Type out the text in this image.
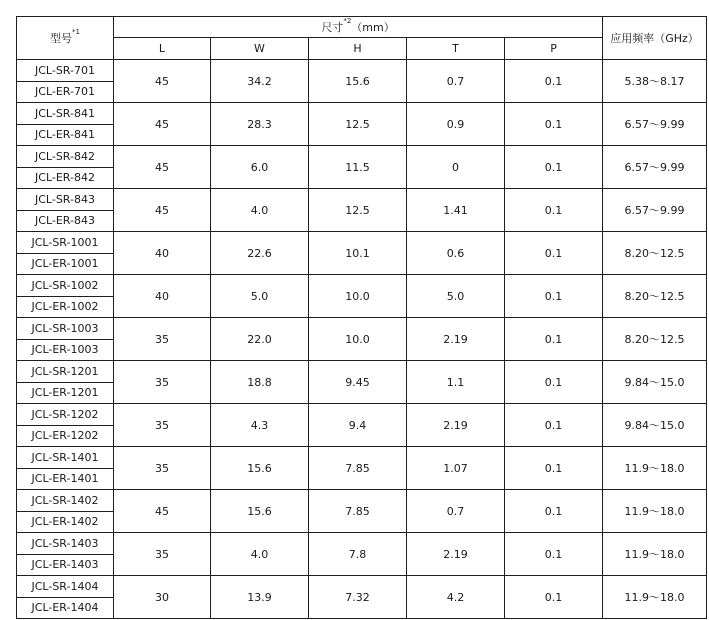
型号$^{*1}$	尺寸$^{*2}$（mm）					应用频率（GHz）
	L	W	H	T	P	
JCL-SR-701	45	34.2	15.6	0.7	0.1	5.38～8.17
JCL-ER-701						
JCL-SR-841	45	28.3	12.5	0.9	0.1	6.57～9.99
JCL-ER-841						
JCL-SR-842	45	6.0	11.5	0	0.1	6.57～9.99
JCL-ER-842						
JCL-SR-843	45	4.0	12.5	1.41	0.1	6.57～9.99
JCL-ER-843						
JCL-SR-1001	40	22.6	10.1	0.6	0.1	8.20～12.5
JCL-ER-1001						
JCL-SR-1002	40	5.0	10.0	5.0	0.1	8.20～12.5
JCL-ER-1002						
JCL-SR-1003	35	22.0	10.0	2.19	0.1	8.20～12.5
JCL-ER-1003						
JCL-SR-1201	35	18.8	9.45	1.1	0.1	9.84～15.0
JCL-ER-1201						
JCL-SR-1202	35	4.3	9.4	2.19	0.1	9.84～15.0
JCL-ER-1202						
JCL-SR-1401	35	15.6	7.85	1.07	0.1	11.9～18.0
JCL-ER-1401						
JCL-SR-1402	45	15.6	7.85	0.7	0.1	11.9～18.0
JCL-ER-1402						
JCL-SR-1403	35	4.0	7.8	2.19	0.1	11.9～18.0
JCL-ER-1403						
JCL-SR-1404	30	13.9	7.32	4.2	0.1	11.9～18.0
JCL-ER-1404						
